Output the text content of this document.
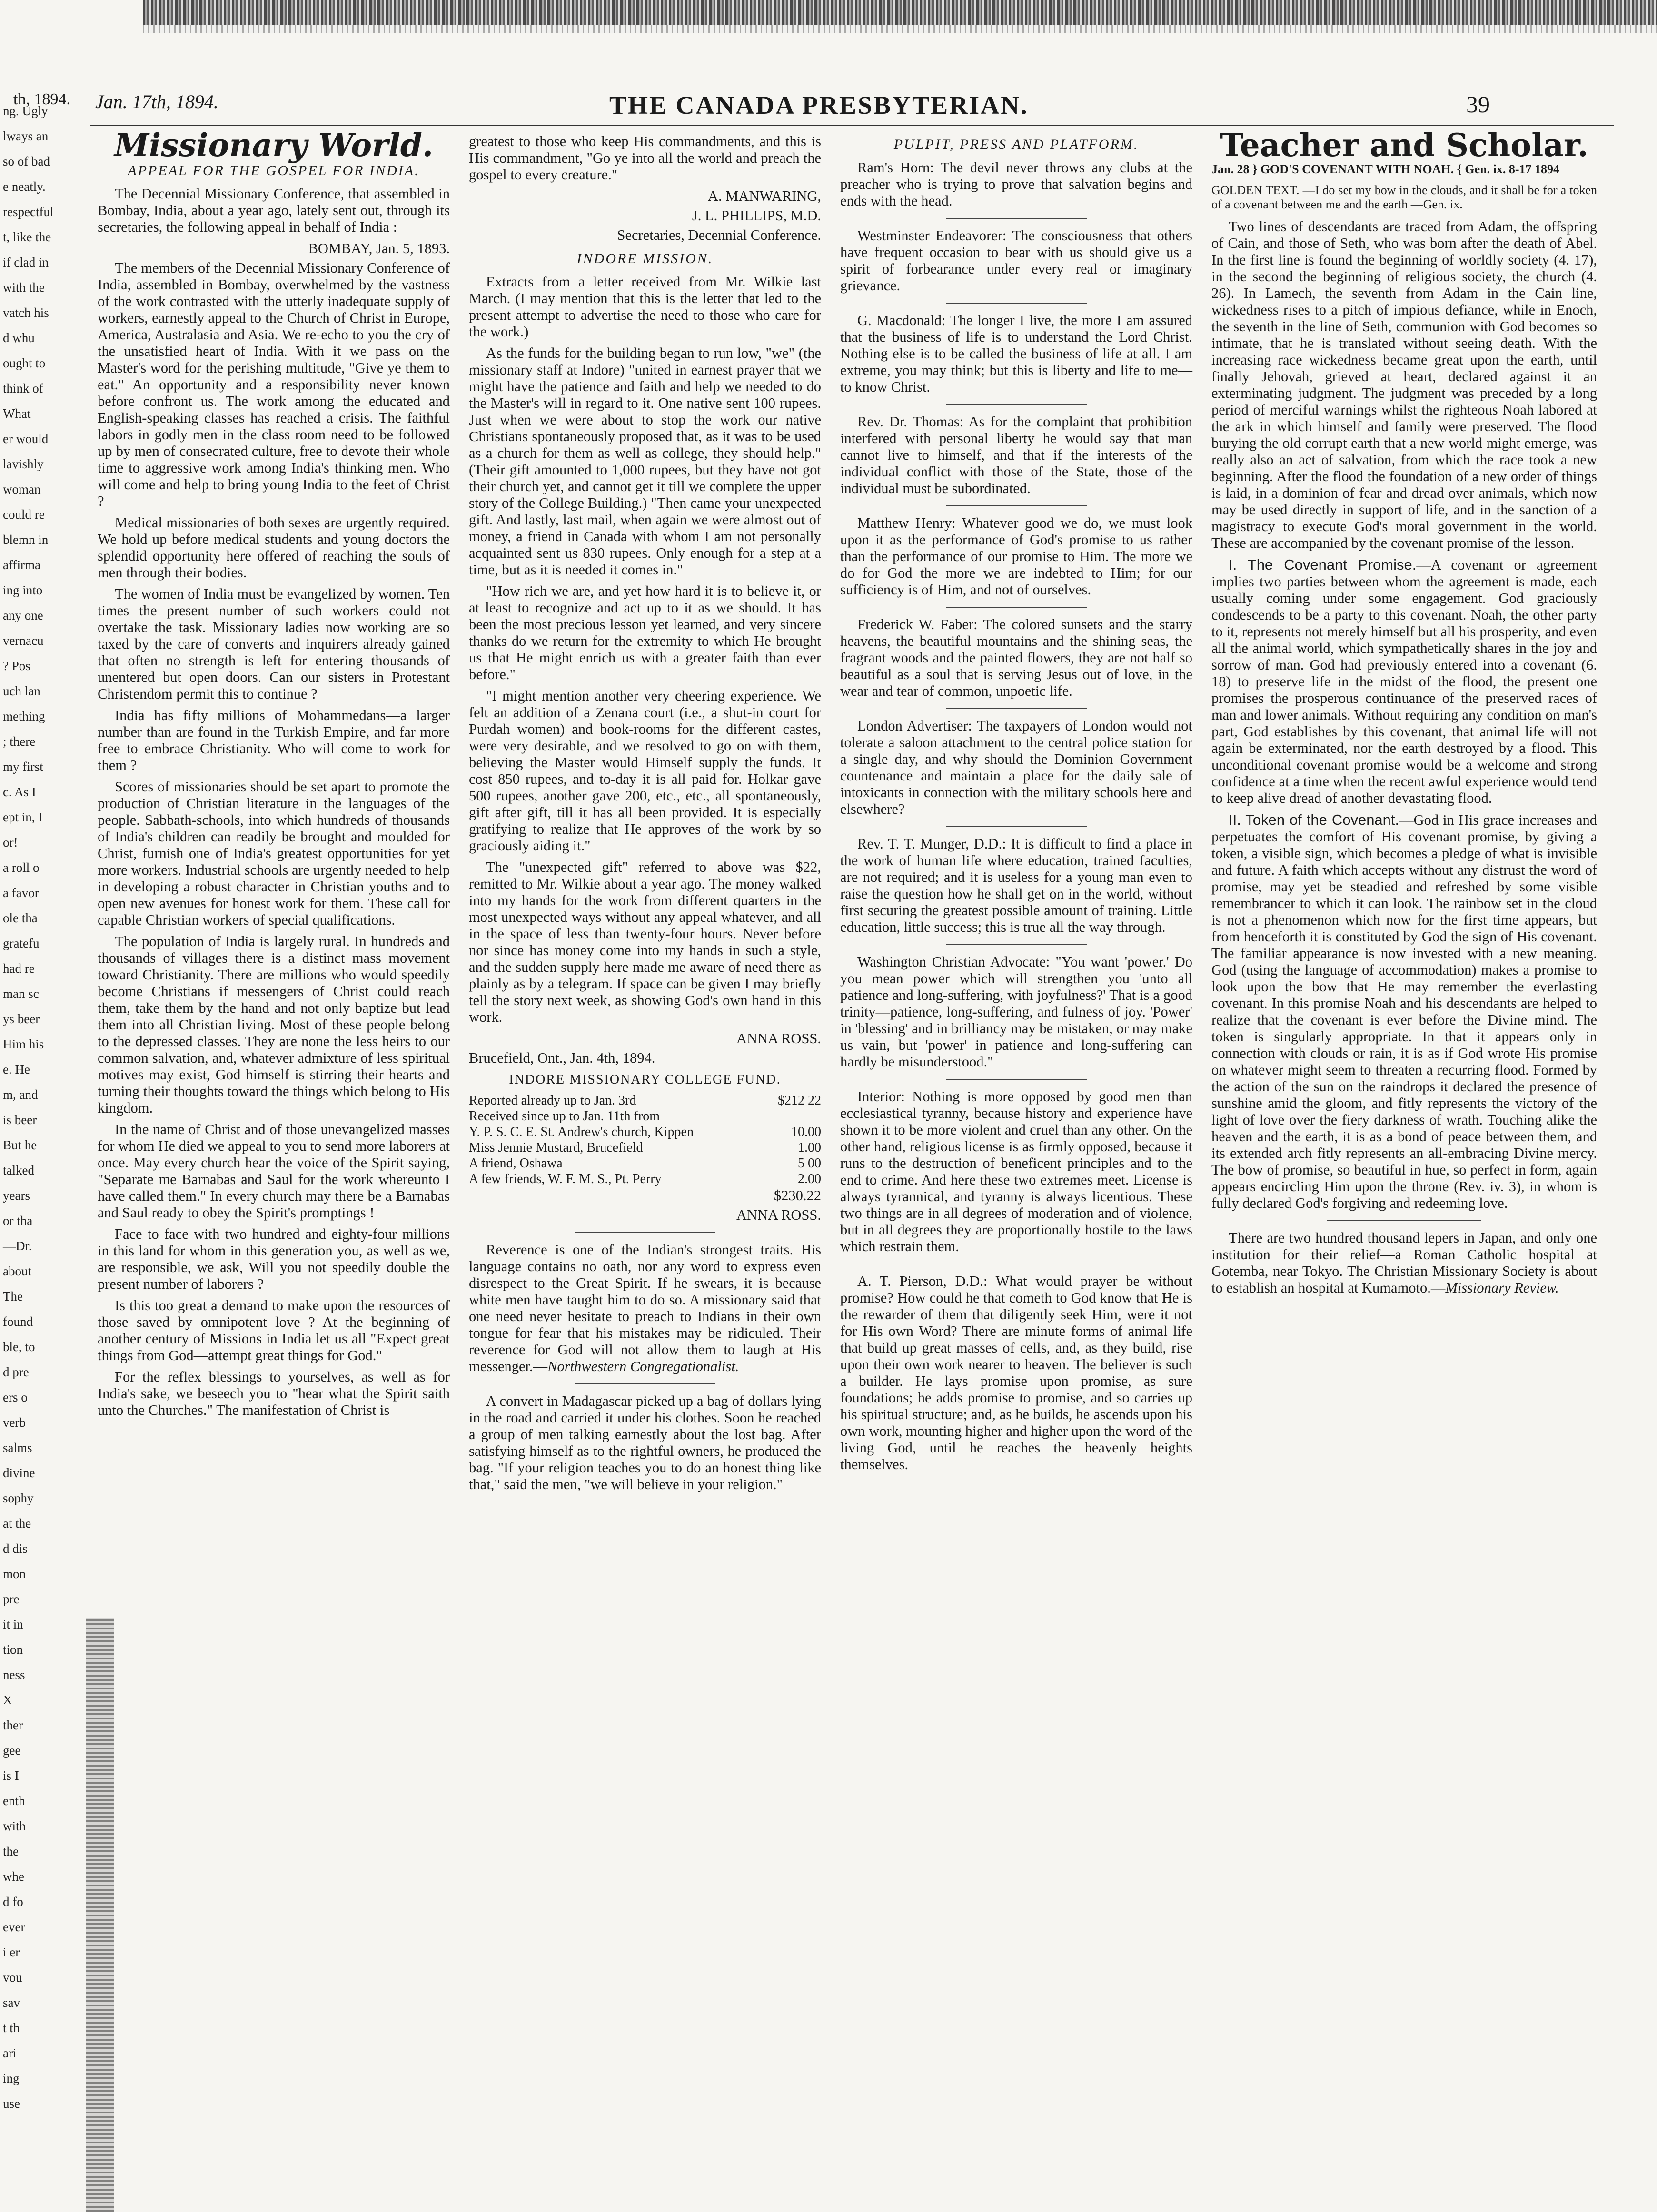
ng. Ugly
lways an
so of bad
e neatly.
respectful
t, like the
if clad in
with the
vatch his
d whu
ought to
think of
What
er would
lavishly
woman
could re
blemn in
affirma
ing into
any one
vernacu
? Pos
uch lan
mething
; there
my first
c. As I
ept in, I
or!
a roll o
a favor
ole tha
gratefu
had re
man sc
ys beer
Him his
e. He
m, and
is beer
But he
talked
years
or tha
—Dr.
about
The
found
ble, to
d pre
ers o
verb
salms
divine
sophy
at the
d dis
mon
pre
it in
tion
ness
X
ther
gee
is I
enth
with
the
whe
d fo
ever
i er
vou
sav
t th
ari
ing
use
th, 1894. Jan. 17th, 1894.	THE CANADA PRESBYTERIAN.	39
Missionary World.
APPEAL FOR THE GOSPEL FOR INDIA.

The Decennial Missionary Conference, that assembled in Bombay, India, about a year ago, lately sent out, through its secretaries, the following appeal in behalf of India :

BOMBAY, Jan. 5, 1893.

The members of the Decennial Missionary Conference of India, assembled in Bombay, overwhelmed by the vastness of the work contrasted with the utterly inadequate supply of workers, earnestly appeal to the Church of Christ in Europe, America, Australasia and Asia. We re-echo to you the cry of the unsatisfied heart of India. With it we pass on the Master's word for the perishing multitude, "Give ye them to eat." An opportunity and a responsibility never known before confront us. The work among the educated and English-speaking classes has reached a crisis. The faithful labors in godly men in the class room need to be followed up by men of consecrated culture, free to devote their whole time to aggressive work among India's thinking men. Who will come and help to bring young India to the feet of Christ ?

Medical missionaries of both sexes are urgently required. We hold up before medical students and young doctors the splendid opportunity here offered of reaching the souls of men through their bodies.

The women of India must be evangelized by women. Ten times the present number of such workers could not overtake the task. Missionary ladies now working are so taxed by the care of converts and inquirers already gained that often no strength is left for entering thousands of unentered but open doors. Can our sisters in Protestant Christendom permit this to continue ?

India has fifty millions of Mohammedans—a larger number than are found in the Turkish Empire, and far more free to embrace Christianity. Who will come to work for them ?

Scores of missionaries should be set apart to promote the production of Christian literature in the languages of the people. Sabbath-schools, into which hundreds of thousands of India's children can readily be brought and moulded for Christ, furnish one of India's greatest opportunities for yet more workers. Industrial schools are urgently needed to help in developing a robust character in Christian youths and to open new avenues for honest work for them. These call for capable Christian workers of special qualifications.

The population of India is largely rural. In hundreds and thousands of villages there is a distinct mass movement toward Christianity. There are millions who would speedily become Christians if messengers of Christ could reach them, take them by the hand and not only baptize but lead them into all Christian living. Most of these people belong to the depressed classes. They are none the less heirs to our common salvation, and, whatever admixture of less spiritual motives may exist, God himself is stirring their hearts and turning their thoughts toward the things which belong to His kingdom.

In the name of Christ and of those unevangelized masses for whom He died we appeal to you to send more laborers at once. May every church hear the voice of the Spirit saying, "Separate me Barnabas and Saul for the work whereunto I have called them." In every church may there be a Barnabas and Saul ready to obey the Spirit's promptings !

Face to face with two hundred and eighty-four millions in this land for whom in this generation you, as well as we, are responsible, we ask, Will you not speedily double the present number of laborers ?

Is this too great a demand to make upon the resources of those saved by omnipotent love ? At the beginning of another century of Missions in India let us all "Expect great things from God—attempt great things for God."

For the reflex blessings to yourselves, as well as for India's sake, we beseech you to "hear what the Spirit saith unto the Churches." The manifestation of Christ is

greatest to those who keep His commandments, and this is His commandment, "Go ye into all the world and preach the gospel to every creature."

A. MANWARING,
J. L. PHILLIPS, M.D.
Secretaries, Decennial Conference.
INDORE MISSION.

Extracts from a letter received from Mr. Wilkie last March. (I may mention that this is the letter that led to the present attempt to advertise the need to those who care for the work.)

As the funds for the building began to run low, "we" (the missionary staff at Indore) "united in earnest prayer that we might have the patience and faith and help we needed to do the Master's will in regard to it. One native sent 100 rupees. Just when we were about to stop the work our native Christians spontaneously proposed that, as it was to be used as a church for them as well as college, they should help." (Their gift amounted to 1,000 rupees, but they have not got their church yet, and cannot get it till we complete the upper story of the College Building.) "Then came your unexpected gift. And lastly, last mail, when again we were almost out of money, a friend in Canada with whom I am not personally acquainted sent us 830 rupees. Only enough for a step at a time, but as it is needed it comes in."

"How rich we are, and yet how hard it is to believe it, or at least to recognize and act up to it as we should. It has been the most precious lesson yet learned, and very sincere thanks do we return for the extremity to which He brought us that He might enrich us with a greater faith than ever before."

"I might mention another very cheering experience. We felt an addition of a Zenana court (i.e., a shut-in court for Purdah women) and book-rooms for the different castes, were very desirable, and we resolved to go on with them, believing the Master would Himself supply the funds. It cost 850 rupees, and to-day it is all paid for. Holkar gave 500 rupees, another gave 200, etc., etc., all spontaneously, gift after gift, till it has all been provided. It is especially gratifying to realize that He approves of the work by so graciously aiding it."

The "unexpected gift" referred to above was $22, remitted to Mr. Wilkie about a year ago. The money walked into my hands for the work from different quarters in the most unexpected ways without any appeal whatever, and all in the space of less than twenty-four hours. Never before nor since has money come into my hands in such a style, and the sudden supply here made me aware of need there as plainly as by a telegram. If space can be given I may briefly tell the story next week, as showing God's own hand in this work.

ANNA ROSS.

Brucefield, Ont., Jan. 4th, 1894.

INDORE MISSIONARY COLLEGE FUND.
Reported already up to Jan. 3rd	$212 22
Received since up to Jan. 11th from
Y. P. S. C. E. St. Andrew's church, Kippen	10.00
Miss Jennie Mustard, Brucefield	1.00
A friend, Oshawa	5 00
A few friends, W. F. M. S., Pt. Perry	2.00
$230.22
ANNA ROSS.

Reverence is one of the Indian's strongest traits. His language contains no oath, nor any word to express even disrespect to the Great Spirit. If he swears, it is because white men have taught him to do so. A missionary said that one need never hesitate to preach to Indians in their own tongue for fear that his mistakes may be ridiculed. Their reverence for God will not allow them to laugh at His messenger.—Northwestern Congregationalist.

A convert in Madagascar picked up a bag of dollars lying in the road and carried it under his clothes. Soon he reached a group of men talking earnestly about the lost bag. After satisfying himself as to the rightful owners, he produced the bag. "If your religion teaches you to do an honest thing like that," said the men, "we will believe in your religion."

PULPIT, PRESS AND PLATFORM.

Ram's Horn: The devil never throws any clubs at the preacher who is trying to prove that salvation begins and ends with the head.

Westminster Endeavorer: The consciousness that others have frequent occasion to bear with us should give us a spirit of forbearance under every real or imaginary grievance.

G. Macdonald: The longer I live, the more I am assured that the business of life is to understand the Lord Christ. Nothing else is to be called the business of life at all. I am extreme, you may think; but this is liberty and life to me—to know Christ.

Rev. Dr. Thomas: As for the complaint that prohibition interfered with personal liberty he would say that man cannot live to himself, and that if the interests of the individual conflict with those of the State, those of the individual must be subordinated.

Matthew Henry: Whatever good we do, we must look upon it as the performance of God's promise to us rather than the performance of our promise to Him. The more we do for God the more we are indebted to Him; for our sufficiency is of Him, and not of ourselves.

Frederick W. Faber: The colored sunsets and the starry heavens, the beautiful mountains and the shining seas, the fragrant woods and the painted flowers, they are not half so beautiful as a soul that is serving Jesus out of love, in the wear and tear of common, unpoetic life.

London Advertiser: The taxpayers of London would not tolerate a saloon attachment to the central police station for a single day, and why should the Dominion Government countenance and maintain a place for the daily sale of intoxicants in connection with the military schools here and elsewhere?

Rev. T. T. Munger, D.D.: It is difficult to find a place in the work of human life where education, trained faculties, are not required; and it is useless for a young man even to raise the question how he shall get on in the world, without first securing the greatest possible amount of training. Little education, little success; this is true all the way through.

Washington Christian Advocate: "You want 'power.' Do you mean power which will strengthen you 'unto all patience and long-suffering, with joyfulness?' That is a good trinity—patience, long-suffering, and fulness of joy. 'Power' in 'blessing' and in brilliancy may be mistaken, or may make us vain, but 'power' in patience and long-suffering can hardly be misunderstood."

Interior: Nothing is more opposed by good men than ecclesiastical tyranny, because history and experience have shown it to be more violent and cruel than any other. On the other hand, religious license is as firmly opposed, because it runs to the destruction of beneficent principles and to the end to crime. And here these two extremes meet. License is always tyrannical, and tyranny is always licentious. These two things are in all degrees of moderation and of violence, but in all degrees they are proportionally hostile to the laws which restrain them.

A. T. Pierson, D.D.: What would prayer be without promise? How could he that cometh to God know that He is the rewarder of them that diligently seek Him, were it not for His own Word? There are minute forms of animal life that build up great masses of cells, and, as they build, rise upon their own work nearer to heaven. The believer is such a builder. He lays promise upon promise, as sure foundations; he adds promise to promise, and so carries up his spiritual structure; and, as he builds, he ascends upon his own work, mounting higher and higher upon the word of the living God, until he reaches the heavenly heights themselves.

Teacher and Scholar.
Jan. 28 } GOD'S COVENANT WITH NOAH. { Gen. ix. 8-17 1894
GOLDEN TEXT. —I do set my bow in the clouds, and it shall be for a token of a covenant between me and the earth —Gen. ix.

Two lines of descendants are traced from Adam, the offspring of Cain, and those of Seth, who was born after the death of Abel. In the first line is found the beginning of worldly society (4. 17), in the second the beginning of religious society, the church (4. 26). In Lamech, the seventh from Adam in the Cain line, wickedness rises to a pitch of impious defiance, while in Enoch, the seventh in the line of Seth, communion with God becomes so intimate, that he is translated without seeing death. With the increasing race wickedness became great upon the earth, until finally Jehovah, grieved at heart, declared against it an exterminating judgment. The judgment was preceded by a long period of merciful warnings whilst the righteous Noah labored at the ark in which himself and family were preserved. The flood burying the old corrupt earth that a new world might emerge, was really also an act of salvation, from which the race took a new beginning. After the flood the foundation of a new order of things is laid, in a dominion of fear and dread over animals, which now may be used directly in support of life, and in the sanction of a magistracy to execute God's moral government in the world. These are accompanied by the covenant promise of the lesson.

I. The Covenant Promise.—A covenant or agreement implies two parties between whom the agreement is made, each usually coming under some engagement. God graciously condescends to be a party to this covenant. Noah, the other party to it, represents not merely himself but all his prosperity, and even all the animal world, which sympathetically shares in the joy and sorrow of man. God had previously entered into a covenant (6. 18) to preserve life in the midst of the flood, the present one promises the prosperous continuance of the preserved races of man and lower animals. Without requiring any condition on man's part, God establishes by this covenant, that animal life will not again be exterminated, nor the earth destroyed by a flood. This unconditional covenant promise would be a welcome and strong confidence at a time when the recent awful experience would tend to keep alive dread of another devastating flood.

II. Token of the Covenant.—God in His grace increases and perpetuates the comfort of His covenant promise, by giving a token, a visible sign, which becomes a pledge of what is invisible and future. A faith which accepts without any distrust the word of promise, may yet be steadied and refreshed by some visible remembrancer to which it can look. The rainbow set in the cloud is not a phenomenon which now for the first time appears, but from henceforth it is constituted by God the sign of His covenant. The familiar appearance is now invested with a new meaning. God (using the language of accommodation) makes a promise to look upon the bow that He may remember the everlasting covenant. In this promise Noah and his descendants are helped to realize that the covenant is ever before the Divine mind. The token is singularly appropriate. In that it appears only in connection with clouds or rain, it is as if God wrote His promise on whatever might seem to threaten a recurring flood. Formed by the action of the sun on the raindrops it declared the presence of sunshine amid the gloom, and fitly represents the victory of the light of love over the fiery darkness of wrath. Touching alike the heaven and the earth, it is as a bond of peace between them, and its extended arch fitly represents an all-embracing Divine mercy. The bow of promise, so beautiful in hue, so perfect in form, again appears encircling Him upon the throne (Rev. iv. 3), in whom is fully declared God's forgiving and redeeming love.

There are two hundred thousand lepers in Japan, and only one institution for their relief—a Roman Catholic hospital at Gotemba, near Tokyo. The Christian Missionary Society is about to establish an hospital at Kumamoto.—Missionary Review.
